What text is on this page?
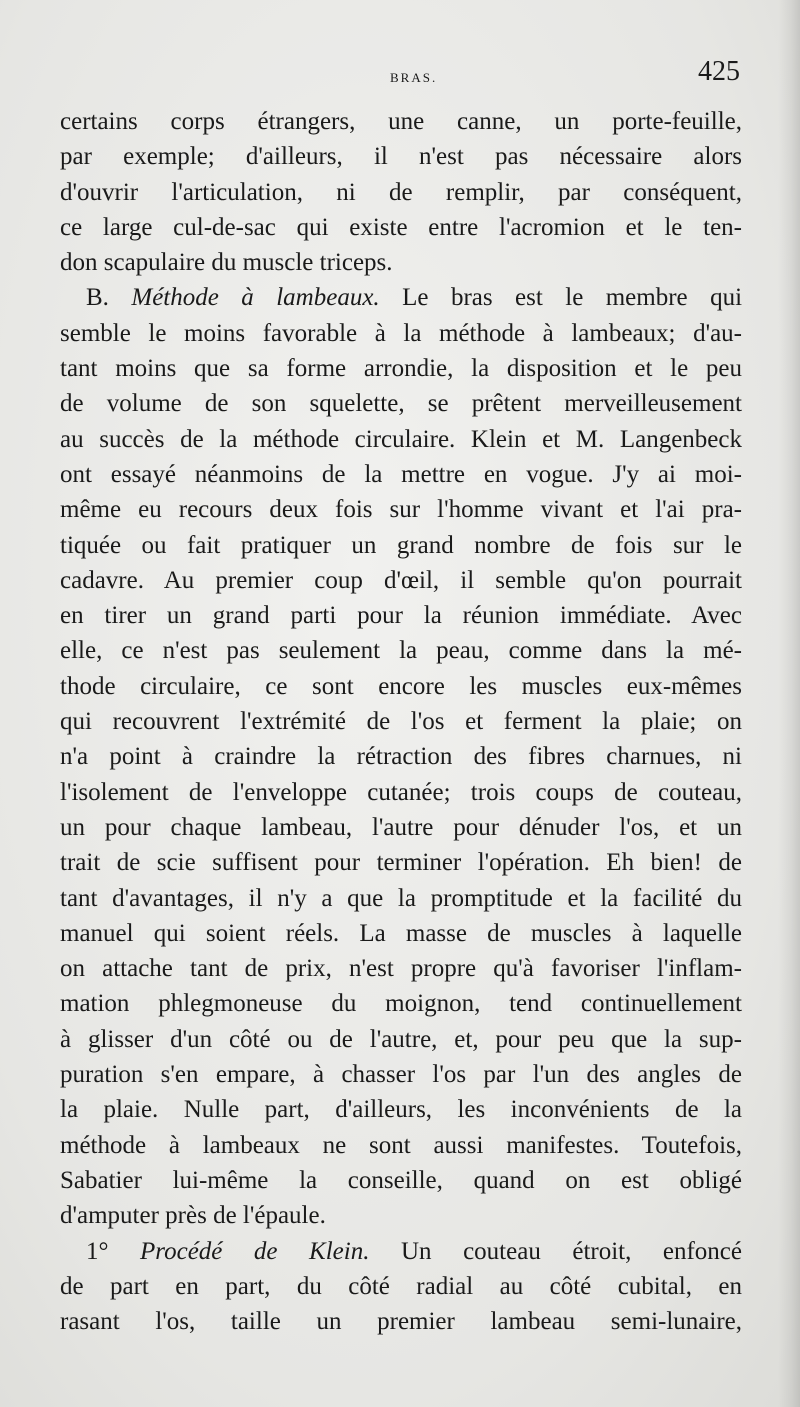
BRAS.	425
certains corps étrangers, une canne, un porte-feuille,
par exemple; d'ailleurs, il n'est pas nécessaire alors
d'ouvrir l'articulation, ni de remplir, par conséquent,
ce large cul-de-sac qui existe entre l'acromion et le ten-
don scapulaire du muscle triceps.
B. Méthode à lambeaux. Le bras est le membre qui
semble le moins favorable à la méthode à lambeaux; d'au-
tant moins que sa forme arrondie, la disposition et le peu
de volume de son squelette, se prêtent merveilleusement
au succès de la méthode circulaire. Klein et M. Langenbeck
ont essayé néanmoins de la mettre en vogue. J'y ai moi-
même eu recours deux fois sur l'homme vivant et l'ai pra-
tiquée ou fait pratiquer un grand nombre de fois sur le
cadavre. Au premier coup d'œil, il semble qu'on pourrait
en tirer un grand parti pour la réunion immédiate. Avec
elle, ce n'est pas seulement la peau, comme dans la mé-
thode circulaire, ce sont encore les muscles eux-mêmes
qui recouvrent l'extrémité de l'os et ferment la plaie; on
n'a point à craindre la rétraction des fibres charnues, ni
l'isolement de l'enveloppe cutanée; trois coups de couteau,
un pour chaque lambeau, l'autre pour dénuder l'os, et un
trait de scie suffisent pour terminer l'opération. Eh bien! de
tant d'avantages, il n'y a que la promptitude et la facilité du
manuel qui soient réels. La masse de muscles à laquelle
on attache tant de prix, n'est propre qu'à favoriser l'inflam-
mation phlegmoneuse du moignon, tend continuellement
à glisser d'un côté ou de l'autre, et, pour peu que la sup-
puration s'en empare, à chasser l'os par l'un des angles de
la plaie. Nulle part, d'ailleurs, les inconvénients de la
méthode à lambeaux ne sont aussi manifestes. Toutefois,
Sabatier lui-même la conseille, quand on est obligé
d'amputer près de l'épaule.
1° Procédé de Klein. Un couteau étroit, enfoncé
de part en part, du côté radial au côté cubital, en
rasant l'os, taille un premier lambeau semi-lunaire,
